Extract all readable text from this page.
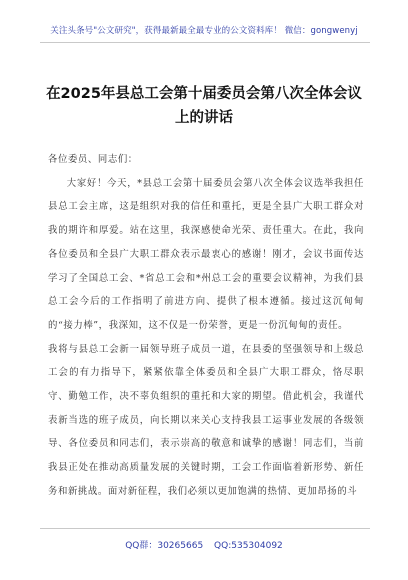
关注头条号"公文研究"，获得最新最全最专业的公文资料库！ 微信：gongwenyj
在2025年县总工会第十届委员会第八次全体会议
上的讲话

各位委员、同志们：

大家好！今天，*县总工会第十届委员会第八次全体会议选举我担任县总工会主席，这是组织对我的信任和重托，更是全县广大职工群众对我的期许和厚爱。站在这里，我深感使命光荣、责任重大。在此，我向各位委员和全县广大职工群众表示最衷心的感谢！刚才，会议书面传达学习了全国总工会、*省总工会和*州总工会的重要会议精神，为我们县总工会今后的工作指明了前进方向、提供了根本遵循。接过这沉甸甸的“接力棒”，我深知，这不仅是一份荣誉，更是一份沉甸甸的责任。

我将与县总工会新一届领导班子成员一道，在县委的坚强领导和上级总工会的有力指导下，紧紧依靠全体委员和全县广大职工群众，恪尽职守、勤勉工作，决不辜负组织的重托和大家的期望。借此机会，我谨代表新当选的班子成员，向长期以来关心支持我县工运事业发展的各级领导、各位委员和同志们，表示崇高的敬意和诚挚的感谢！同志们，当前我县正处在推动高质量发展的关键时期，工会工作面临着新形势、新任务和新挑战。面对新征程，我们必须以更加饱满的热情、更加昂扬的斗

QQ群：30265665 QQ:535304092
